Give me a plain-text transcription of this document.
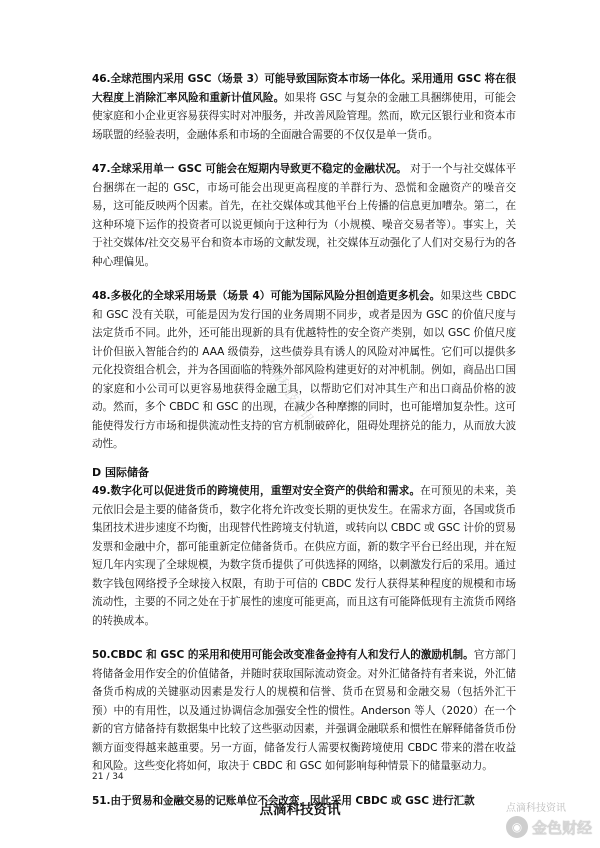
点滴科技资讯

46.全球范围内采用 GSC（场景 3）可能导致国际资本市场一体化。采用通用 GSC 将在很大程度上消除汇率风险和重新计值风险。如果将 GSC 与复杂的金融工具捆绑使用，可能会使家庭和小企业更容易获得实时对冲服务，并改善风险管理。然而，欧元区银行业和资本市场联盟的经验表明，金融体系和市场的全面融合需要的不仅仅是单一货币。

47.全球采用单一 GSC 可能会在短期内导致更不稳定的金融状况。 对于一个与社交媒体平台捆绑在一起的 GSC，市场可能会出现更高程度的羊群行为、恐慌和金融资产的噪音交易，这可能反映两个因素。首先，在社交媒体或其他平台上传播的信息更加嘈杂。第二，在这种环境下运作的投资者可以说更倾向于这种行为（小规模、噪音交易者等）。事实上，关于社交媒体/社交交易平台和资本市场的文献发现，社交媒体互动强化了人们对交易行为的各种心理偏见。

48.多极化的全球采用场景（场景 4）可能为国际风险分担创造更多机会。如果这些 CBDC 和 GSC 没有关联，可能是因为发行国的业务周期不同步，或者是因为 GSC 的价值尺度与法定货币不同。此外，还可能出现新的具有优越特性的安全资产类别，如以 GSC 价值尺度计价但嵌入智能合约的 AAA 级债券，这些债券具有诱人的风险对冲属性。它们可以提供多元化投资组合机会，并为各国面临的特殊外部风险构建更好的对冲机制。例如，商品出口国的家庭和小公司可以更容易地获得金融工具，以帮助它们对冲其生产和出口商品价格的波动。然而，多个 CBDC 和 GSC 的出现，在减少各种摩擦的同时，也可能增加复杂性。这可能使得发行方市场和提供流动性支持的官方机制破碎化，阻碍处理挤兑的能力，从而放大波动性。

D 国际储备

49.数字化可以促进货币的跨境使用，重塑对安全资产的供给和需求。在可预见的未来，美元依旧会是主要的储备货币，数字化将允许改变长期的更快发生。在需求方面，各国或货币集团技术进步速度不均衡，出现替代性跨境支付轨道，或转向以 CBDC 或 GSC 计价的贸易发票和金融中介，都可能重新定位储备货币。在供应方面，新的数字平台已经出现，并在短短几年内实现了全球规模，为数字货币提供了可供选择的网络，以刺激发行后的采用。通过数字钱包网络授予全球接入权限，有助于可信的 CBDC 发行人获得某种程度的规模和市场流动性，主要的不同之处在于扩展性的速度可能更高，而且这有可能降低现有主流货币网络的转换成本。

50.CBDC 和 GSC 的采用和使用可能会改变准备金持有人和发行人的激励机制。官方部门将储备金用作安全的价值储备，并随时获取国际流动资金。对外汇储备持有者来说，外汇储备货币构成的关键驱动因素是发行人的规模和信誉、货币在贸易和金融交易（包括外汇干预）中的有用性，以及通过协调信念加强安全性的惯性。Anderson 等人（2020）在一个新的官方储备持有数据集中比较了这些驱动因素，并强调金融联系和惯性在解释储备货币份额方面变得越来越重要。另一方面，储备发行人需要权衡跨境使用 CBDC 带来的潜在收益和风险。这些变化将如何，取决于 CBDC 和 GSC 如何影响每种情景下的储量驱动力。

51.由于贸易和金融交易的记账单位不会改变，因此采用 CBDC 或 GSC 进行汇款

21 / 34
点滴科技资讯	点滴科技资讯
◉ 金色财经
